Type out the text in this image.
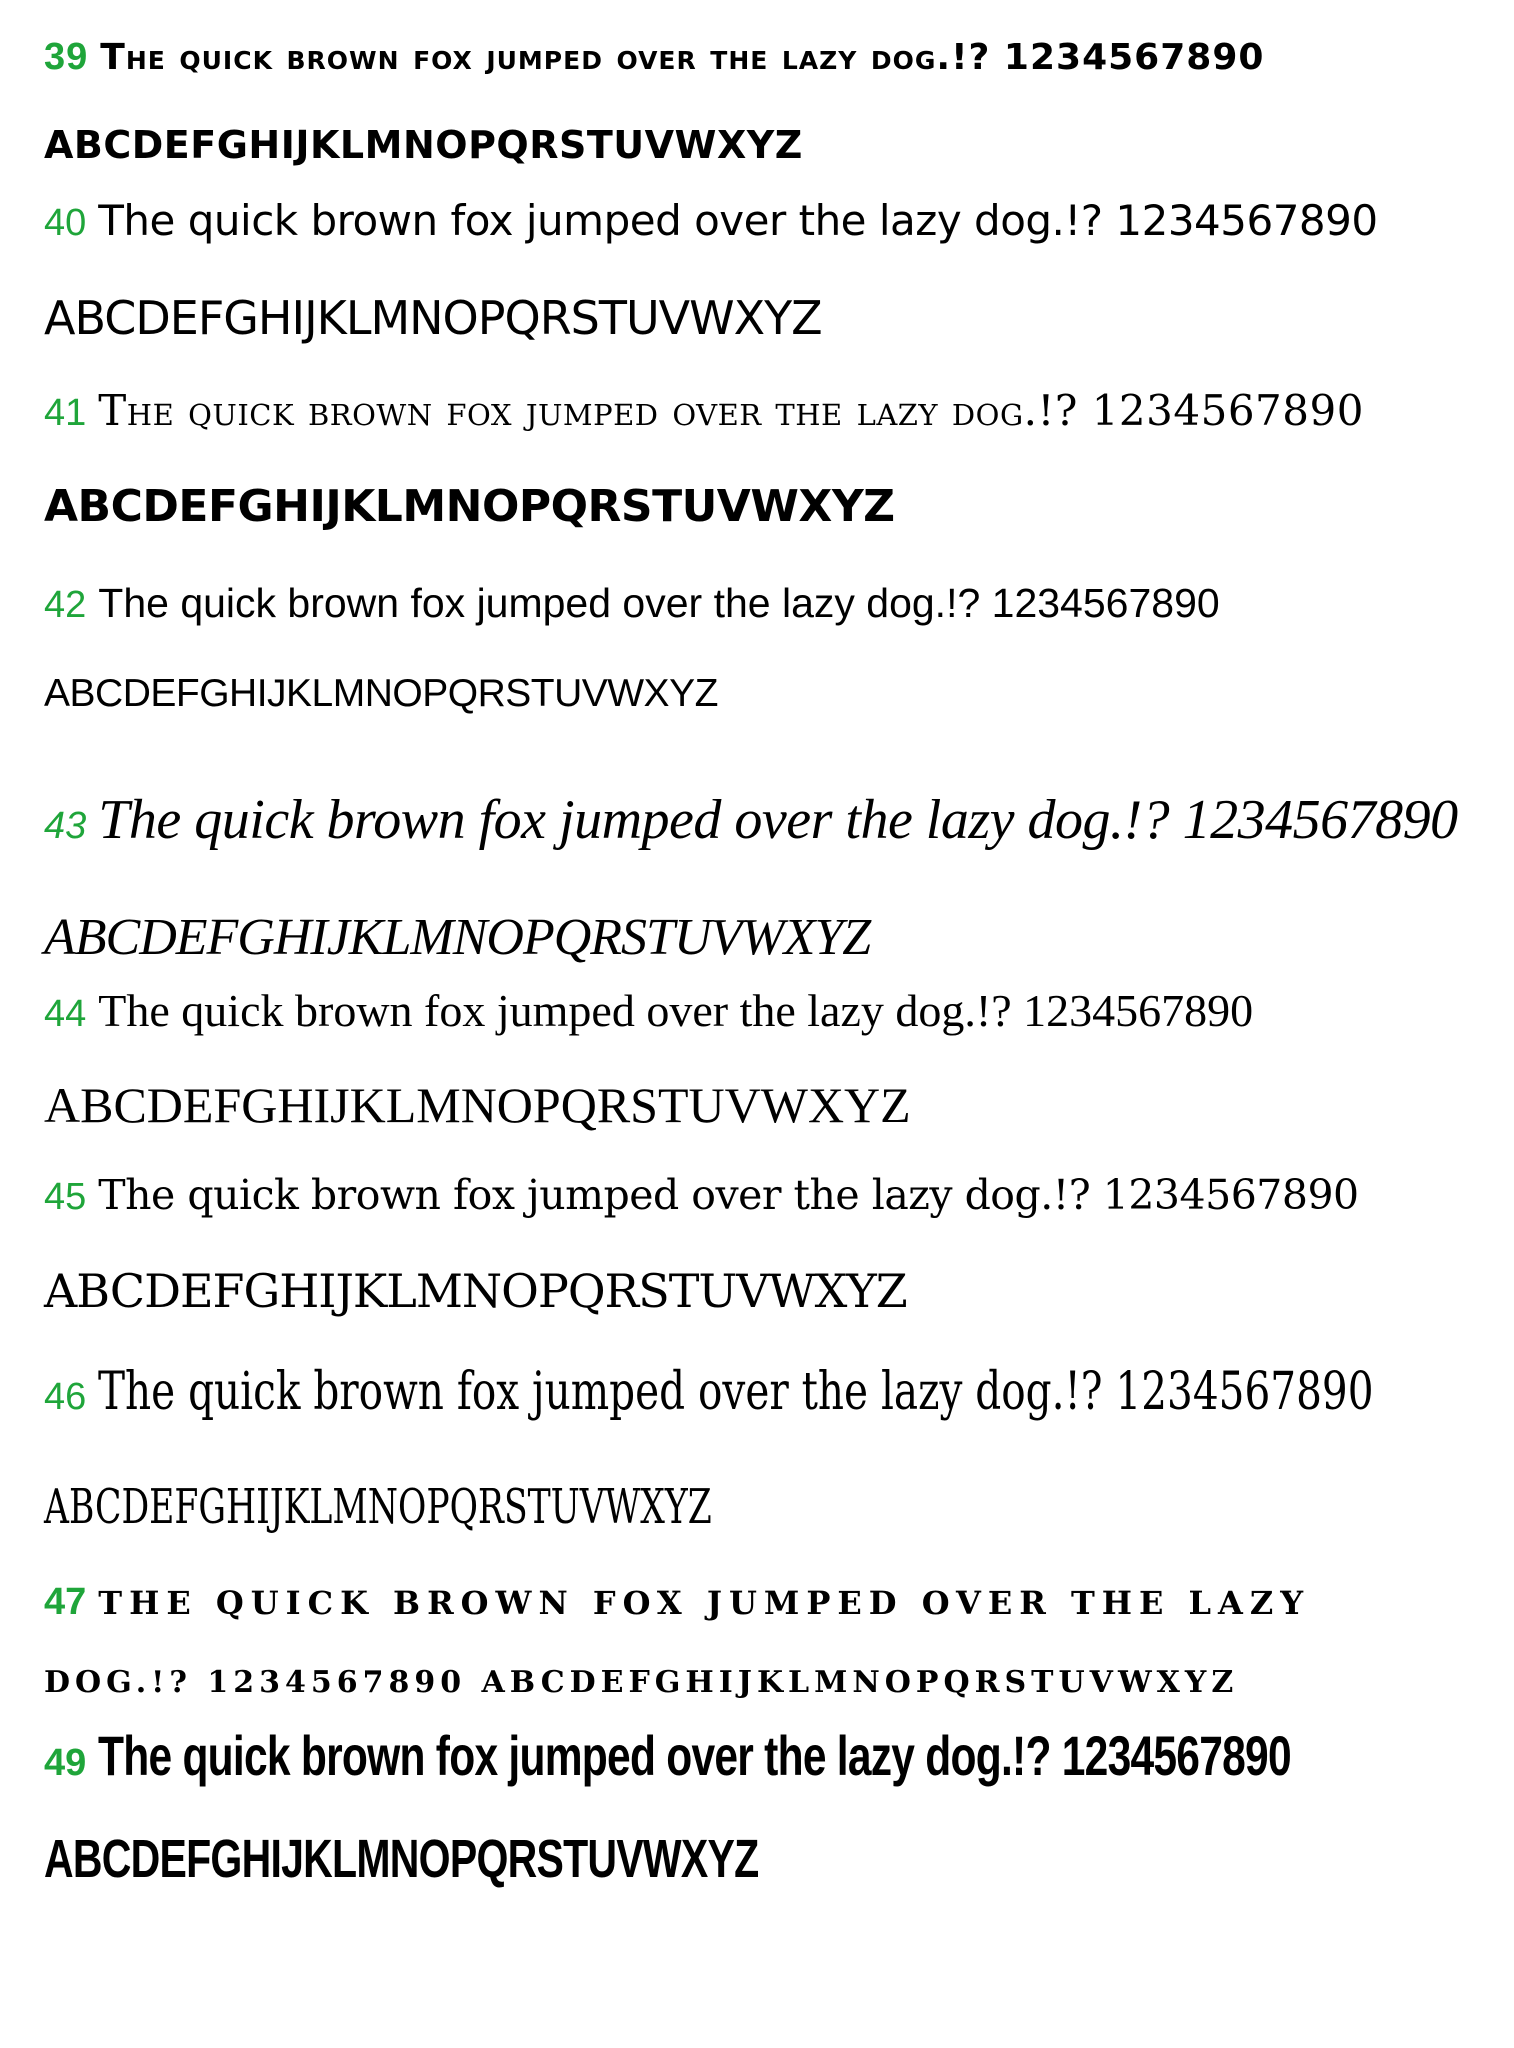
39 The quick brown fox jumped over the lazy dog.!? 1234567890
ABCDEFGHIJKLMNOPQRSTUVWXYZ
40 The quick brown fox jumped over the lazy dog.!? 1234567890
ABCDEFGHIJKLMNOPQRSTUVWXYZ
41 The quick brown fox jumped over the lazy dog.!? 1234567890
ABCDEFGHIJKLMNOPQRSTUVWXYZ
42 The quick brown fox jumped over the lazy dog.!? 1234567890
ABCDEFGHIJKLMNOPQRSTUVWXYZ
43 The quick brown fox jumped over the lazy dog.!? 1234567890
ABCDEFGHIJKLMNOPQRSTUVWXYZ
44 The quick brown fox jumped over the lazy dog.!? 1234567890
ABCDEFGHIJKLMNOPQRSTUVWXYZ
45 The quick brown fox jumped over the lazy dog.!? 1234567890
ABCDEFGHIJKLMNOPQRSTUVWXYZ
46 The quick brown fox jumped over the lazy dog.!? 1234567890
ABCDEFGHIJKLMNOPQRSTUVWXYZ
47 THE QUICK BROWN FOX JUMPED OVER THE LAZY
DOG.!? 1234567890 ABCDEFGHIJKLMNOPQRSTUVWXYZ
49 The quick brown fox jumped over the lazy dog.!? 1234567890
ABCDEFGHIJKLMNOPQRSTUVWXYZ
